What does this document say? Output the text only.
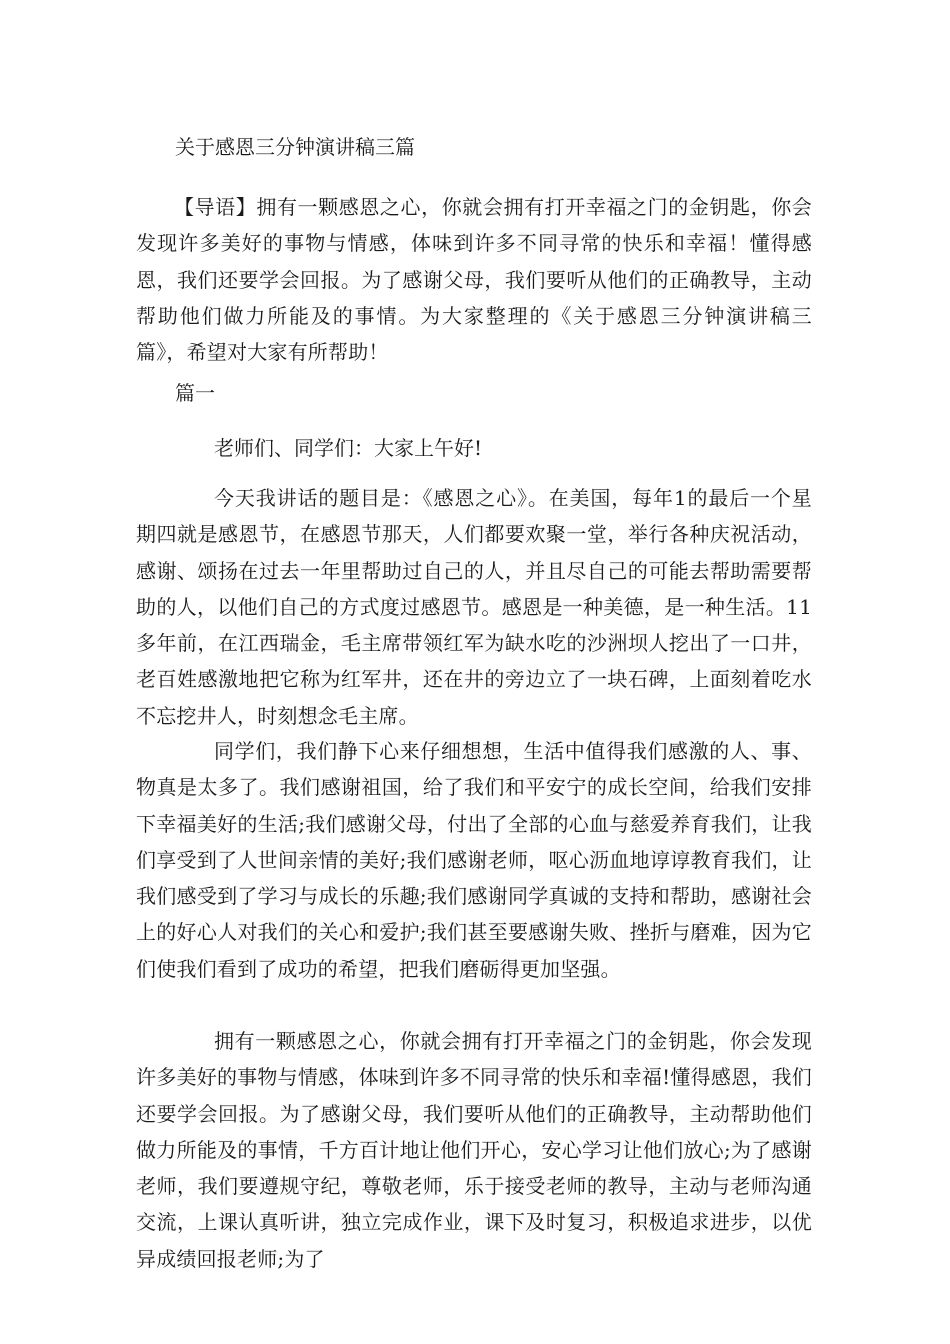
关于感恩三分钟演讲稿三篇

【导语】拥有一颗感恩之心，你就会拥有打开幸福之门的金钥匙，你会发现许多美好的事物与情感，体味到许多不同寻常的快乐和幸福！懂得感恩，我们还要学会回报。为了感谢父母，我们要听从他们的正确教导，主动帮助他们做力所能及的事情。为大家整理的《关于感恩三分钟演讲稿三篇》，希望对大家有所帮助！

篇一

老师们、同学们：大家上午好!

今天我讲话的题目是：《感恩之心》。在美国，每年1的最后一个星期四就是感恩节，在感恩节那天，人们都要欢聚一堂，举行各种庆祝活动，感谢、颂扬在过去一年里帮助过自己的人，并且尽自己的可能去帮助需要帮助的人，以他们自己的方式度过感恩节。感恩是一种美德，是一种生活。11多年前，在江西瑞金，毛主席带领红军为缺水吃的沙洲坝人挖出了一口井，老百姓感激地把它称为红军井，还在井的旁边立了一块石碑，上面刻着吃水不忘挖井人，时刻想念毛主席。

同学们，我们静下心来仔细想想，生活中值得我们感激的人、事、物真是太多了。我们感谢祖国，给了我们和平安宁的成长空间，给我们安排下幸福美好的生活;我们感谢父母，付出了全部的心血与慈爱养育我们，让我们享受到了人世间亲情的美好;我们感谢老师，呕心沥血地谆谆教育我们，让我们感受到了学习与成长的乐趣;我们感谢同学真诚的支持和帮助，感谢社会上的好心人对我们的关心和爱护;我们甚至要感谢失败、挫折与磨难，因为它们使我们看到了成功的希望，把我们磨砺得更加坚强。

拥有一颗感恩之心，你就会拥有打开幸福之门的金钥匙，你会发现许多美好的事物与情感，体味到许多不同寻常的快乐和幸福!懂得感恩，我们还要学会回报。为了感谢父母，我们要听从他们的正确教导，主动帮助他们做力所能及的事情，千方百计地让他们开心，安心学习让他们放心;为了感谢老师，我们要遵规守纪，尊敬老师，乐于接受老师的教导，主动与老师沟通交流，上课认真听讲，独立完成作业，课下及时复习，积极追求进步，以优异成绩回报老师;为了
